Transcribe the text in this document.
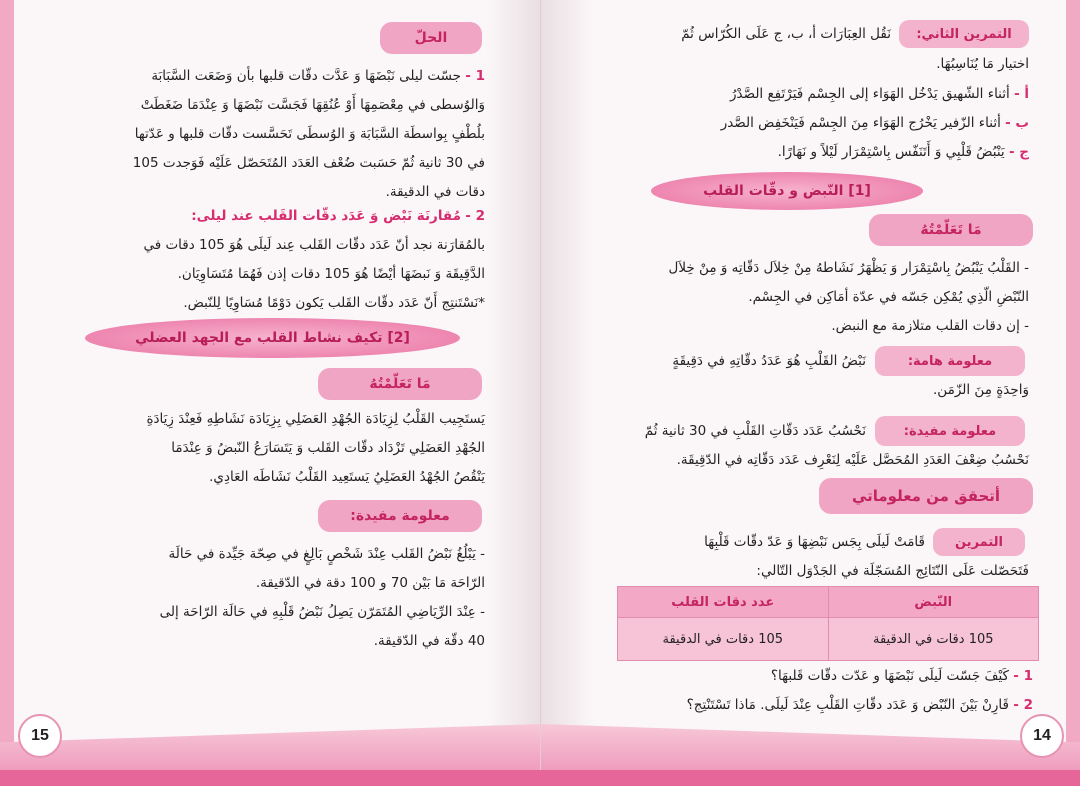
الحلّ
1 - جسّت ليلى نَبْضَهَا وَ عَدَّت دقّات قلبها بأن وَضَعَت السَّبَابَة
وَالوُسطى في مِعْصَمِهَا أَوْ عُنُقِهَا فَجَسَّت نَبْضَهَا وَ عِنْدَمَا ضَغَطَتْ
بلُطْفٍ بِواسطَة السَّبَابَة وَ الوُسطَى تَحَسَّست دقّات قلبها و عَدّتها
في 30 ثانية ثُمّ حَسَبت ضُعْف العَدَد المُتَحَصّل عَلَيْه فَوَجدت 105
دقات في الدقيقة.
2 - مُقارنَة نَبْض وَ عَدَد دقّات القَلب عند ليلى:
بالمُقارَنة نجد أنّ عَدَد دقّات القَلب عِند لَيلَى هُوَ 105 دقات في
الدَّقِيقَة وَ نَبضَهَا أيْضًا هُوَ 105 دقات إذن فَهُمَا مُتَسَاوِيَان.
*نَسْتَنتِج أَنّ عَدَد دقّات القَلب يَكون دَوْمًا مُسَاوِيًا لِلنّبض.
[2] تكيف نشاط القلب مع الجهد العضلي
مَا تَعَلّمْتُهُ
يَستَجِيب القَلْبُ لِزِيَادَة الجُهْدِ العَضَلِي بِزِيَادَة نَشَاطِهِ فَعِنْدَ زِيَادَةِ
الجُهْدِ العَضَلِي تَزْدَاد دقّات القَلب وَ يَتَسَارَعُ النّبضُ وَ عِنْدَمَا
يَنْقُصُ الجُهْدُ العَضَلِيُ يَستَعِيد القَلْبُ نَشَاطَه العَادِي.
معلومة مفيدة:
- يَبْلُغُ نَبْضُ القَلب عِنْدَ شَخْصٍ بَالِغٍ في صِحّة جَيِّدة في حَالَة
الرّاحَة مَا بَيْن 70 و 100 دقة في الدّقيقة.
- عِنْدَ الرِّيَاضِي المُتَمَرّن يَصِلُ نَبْضُ قَلْبِهِ في حَالَة الرّاحَة إلى
40 دقّة في الدّقيقة.
15
التمرين الثاني:
نَقُل العِبَارَات أ، ب، ج عَلَى الكُرّاس ثُمّ
اختيار مَا يُنَاسِبُهَا.
أ - أثناء الشّهيق يَدْخُل الهَوَاء إلى الجِسْم فَيَرْتَفِع الصَّدْرُ
ب - أثناء الزّفير يَخْرُج الهَوَاء مِنَ الجِسْم فَيَنْخَفِض الصَّدر
ج - يَنْبُضُ قَلْبِي وَ أَتَنَفّس بِاسْتِمْرَار لَيْلاً و نَهَارًا.
[1] النّبض و دقّات القلب
مَا تَعَلّمْتُهُ
- القَلْبُ يَنْبُضُ بِاسْتِمْرَار وَ يَظْهَرُ نَشَاطهُ مِنْ خِلاَل دَقّاتِه وَ مِنْ خِلاَل
النّبْضِ الّذِي يُمْكِن جَسّه في عدّة أمَاكِن في الجِسْم.
- إن دقات القلب متلازمة مع النبض.
معلومة هامة:
نَبْضُ القَلْبِ هُوَ عَدَدُ دقّاتِهِ في دَقِيقَةٍ
وَاحِدَةٍ مِنَ الزّمَن.
معلومة مفيدة:
نَحْسُبُ عَدَد دَقّاتِ القَلْبِ في 30 ثانية ثُمّ
نَحْسُبُ ضِعْفَ العَدَدِ المُحَصَّل عَلَيْه لِنَعْرِف عَدَد دَقّاتِه في الدّقِيقَة.
أتحقق من معلوماتي
التمرين
قَامَتْ لَيلَى بِجَس نَبْضِهَا وَ عَدّ دقّات قَلْبِهَا
فَتَحَصّلت عَلَى النّتَائِج المُسَجّلَة في الجَدْوَل التّالي:
النّبض	عدد دقات القلب
105 دقات في الدقيقة	105 دقات في الدقيقة
1 - كَيْفَ جَسّت لَيلَى نَبْضَهَا و عَدّت دقّات قَلبهَا؟
2 - قَارِنْ بَيْنَ النّبْض وَ عَدَد دقّاتِ القَلْبِ عِنْدَ لَيلَى. مَاذا تَسْتَنْتِج؟
14
